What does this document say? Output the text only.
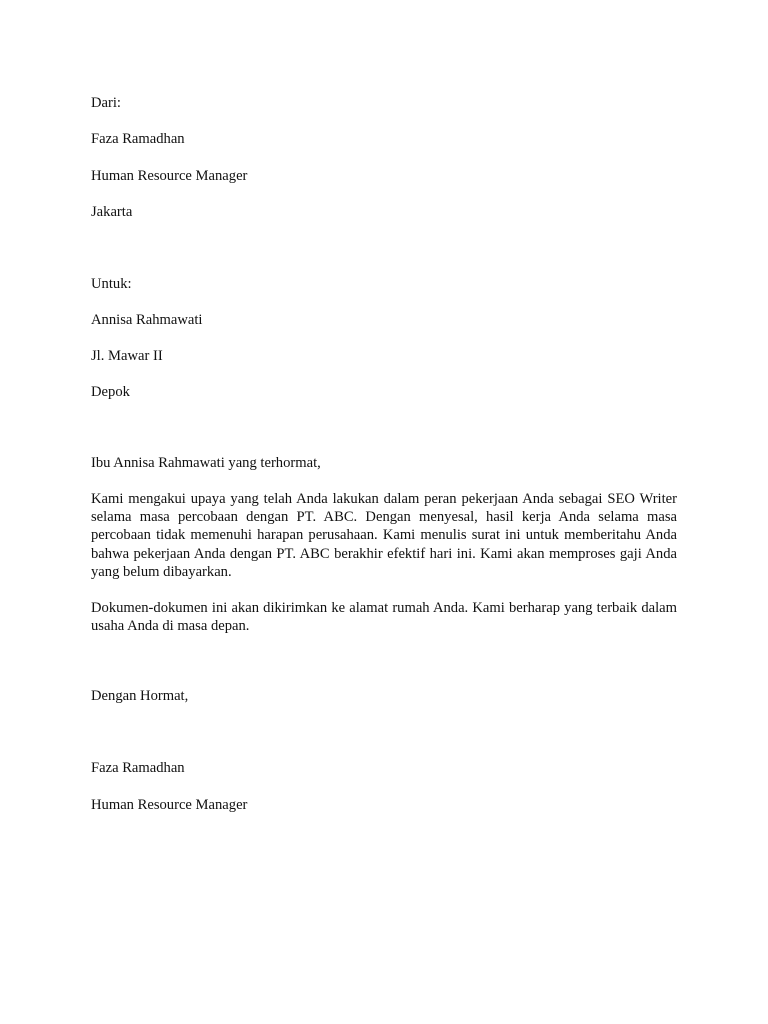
Dari:
Faza Ramadhan
Human Resource Manager
Jakarta
Untuk:
Annisa Rahmawati
Jl. Mawar II
Depok
Ibu Annisa Rahmawati yang terhormat,
Kami mengakui upaya yang telah Anda lakukan dalam peran pekerjaan Anda sebagai SEO Writer selama masa percobaan dengan PT. ABC. Dengan menyesal, hasil kerja Anda selama masa percobaan tidak memenuhi harapan perusahaan. Kami menulis surat ini untuk memberitahu Anda bahwa pekerjaan Anda dengan PT. ABC berakhir efektif hari ini. Kami akan memproses gaji Anda yang belum dibayarkan.
Dokumen-dokumen ini akan dikirimkan ke alamat rumah Anda. Kami berharap yang terbaik dalam usaha Anda di masa depan.
Dengan Hormat,
Faza Ramadhan
Human Resource Manager
